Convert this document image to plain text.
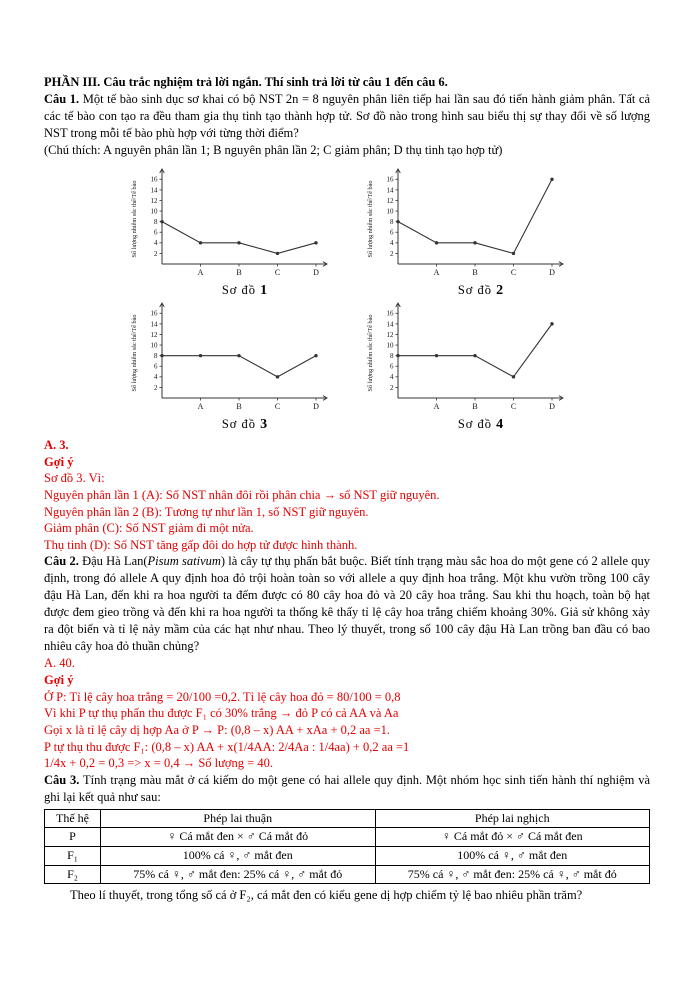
PHẦN III. Câu trắc nghiệm trả lời ngắn. Thí sinh trả lời từ câu 1 đến câu 6.

Câu 1. Một tế bào sinh dục sơ khai có bộ NST 2n = 8 nguyên phân liên tiếp hai lần sau đó tiến hành giảm phân. Tất cả các tế bào con tạo ra đều tham gia thụ tinh tạo thành hợp tử. Sơ đồ nào trong hình sau biểu thị sự thay đổi về số lượng NST trong mỗi tế bào phù hợp với từng thời điểm?

(Chú thích: A nguyên phân lần 1; B nguyên phân lần 2; C giảm phân; D thụ tinh tạo hợp tử)

2
4
6
8
10
12
14
16
A	B	C	D
Số lượng nhiễm sắc thể/Tế bào
Sơ đồ 1
2
4
6
8
10
12
14
16
A	B	C	D
Số lượng nhiễm sắc thể/Tế bào
Sơ đồ 2
2
4
6
8
10
12
14
16
A	B	C	D
Số lượng nhiễm sắc thể/Tế bào
Sơ đồ 3
2
4
6
8
10
12
14
16
A	B	C	D
Số lượng nhiễm sắc thể/Tế bào
Sơ đồ 4

A. 3.

Gợi ý

Sơ đồ 3. Vì:

Nguyên phân lần 1 (A): Số NST nhân đôi rồi phân chia → số NST giữ nguyên.

Nguyên phân lần 2 (B): Tương tự như lần 1, số NST giữ nguyên.

Giảm phân (C): Số NST giảm đi một nửa.

Thụ tinh (D): Số NST tăng gấp đôi do hợp tử được hình thành.

Câu 2. Đậu Hà Lan(Pisum sativum) là cây tự thụ phấn bắt buộc. Biết tính trạng màu sắc hoa do một gene có 2 allele quy định, trong đó allele A quy định hoa đỏ trội hoàn toàn so với allele a quy định hoa trắng. Một khu vườn trồng 100 cây đậu Hà Lan, đến khi ra hoa người ta đếm được có 80 cây hoa đỏ và 20 cây hoa trắng. Sau khi thu hoạch, toàn bộ hạt được đem gieo trồng và đến khi ra hoa người ta thống kê thấy tỉ lệ cây hoa trắng chiếm khoảng 30%. Giả sử không xảy ra đột biến và tỉ lệ nảy mầm của các hạt như nhau. Theo lý thuyết, trong số 100 cây đậu Hà Lan trồng ban đầu có bao nhiêu cây hoa đỏ thuần chủng?

A. 40.

Gợi ý

Ở P: Tỉ lệ cây hoa trắng = 20/100 =0,2. Tỉ lệ cây hoa đỏ = 80/100 = 0,8

Vì khi P tự thụ phấn thu được F₁ có 30% trắng → đỏ P có cả AA và Aa

Gọi x là tỉ lệ cây dị hợp Aa ở P → P: (0,8 – x) AA + xAa + 0,2 aa =1.

P tự thụ thu được F₁: (0,8 – x) AA + x(1/4AA: 2/4Aa : 1/4aa) + 0,2 aa =1

1/4x + 0,2 = 0,3 => x = 0,4 → Số lượng = 40.

Câu 3. Tính trạng màu mắt ở cá kiếm do một gene có hai allele quy định. Một nhóm học sinh tiến hành thí nghiệm và ghi lại kết quả như sau:

Thế hệ	Phép lai thuận	Phép lai nghịch
P	♀ Cá mắt đen × ♂ Cá mắt đỏ	♀ Cá mắt đỏ × ♂ Cá mắt đen
F₁	100% cá ♀, ♂ mắt đen	100% cá ♀, ♂ mắt đen
F₂	75% cá ♀, ♂ mắt đen: 25% cá ♀, ♂ mắt đỏ	75% cá ♀, ♂ mắt đen: 25% cá ♀, ♂ mắt đỏ

Theo lí thuyết, trong tổng số cá ở F₂, cá mắt đen có kiểu gene dị hợp chiếm tỷ lệ bao nhiêu phần trăm?
